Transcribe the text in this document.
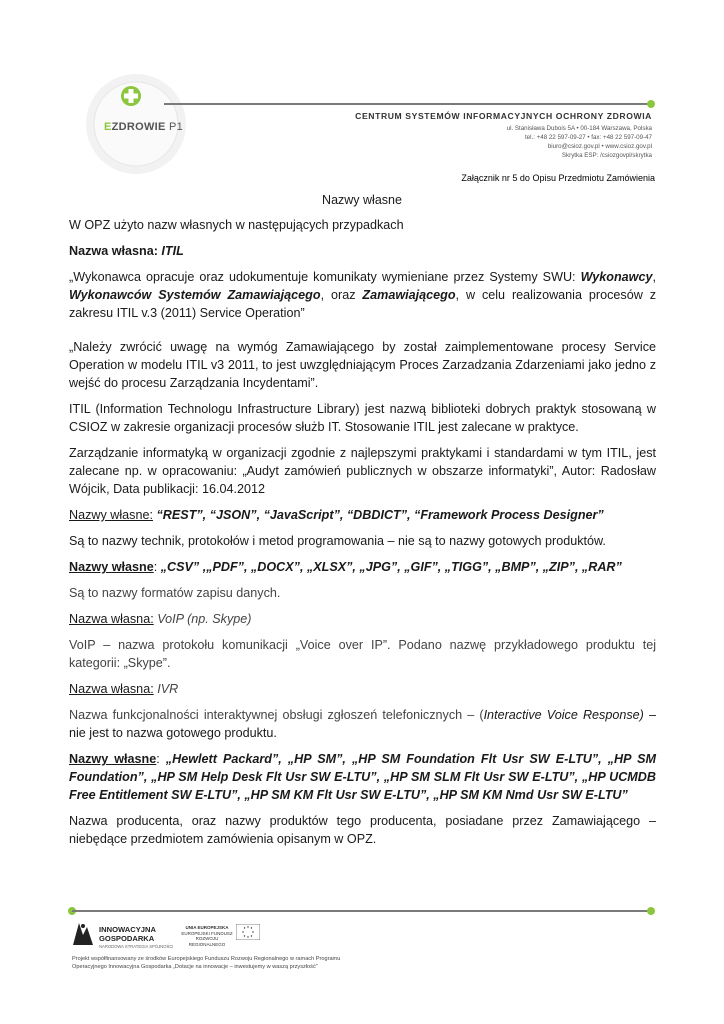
EZDROWIE P1
CENTRUM SYSTEMÓW INFORMACYJNYCH OCHRONY ZDROWIA
ul. Stanisława Dubois 5A • 00-184 Warszawa, Polska
tel.: +48 22 597-09-27 • fax: +48 22 597-09-47
biuro@csioz.gov.pl • www.csioz.gov.pl
Skrytka ESP: /csiozgovpl/skrytka
Załącznik nr 5 do Opisu Przedmiotu Zamówienia
Nazwy własne

W OPZ użyto nazw własnych w następujących przypadkach

Nazwa własna: ITIL

„Wykonawca opracuje oraz udokumentuje komunikaty wymieniane przez Systemy SWU: Wykonawcy, Wykonawców Systemów Zamawiającego, oraz Zamawiającego, w celu realizowania procesów z zakresu ITIL v.3 (2011) Service Operation”

„Należy zwrócić uwagę na wymóg Zamawiającego by został zaimplementowane procesy Service Operation w modelu ITIL v3 2011, to jest uwzględniającym Proces Zarzadzania Zdarzeniami jako jedno z wejść do procesu Zarządzania Incydentami”.

ITIL (Information Technologu Infrastructure Library) jest nazwą biblioteki dobrych praktyk stosowaną w CSIOZ w zakresie organizacji procesów służb IT. Stosowanie ITIL jest zalecane w praktyce.

Zarządzanie informatyką w organizacji zgodnie z najlepszymi praktykami i standardami w tym ITIL, jest zalecane np. w opracowaniu: „Audyt zamówień publicznych w obszarze informatyki”, Autor: Radosław Wójcik, Data publikacji: 16.04.2012

Nazwy własne: “REST”, “JSON”, “JavaScript”, “DBDICT”, “Framework Process Designer”

Są to nazwy technik, protokołów i metod programowania – nie są to nazwy gotowych produktów.

Nazwy własne: „CSV” ,„PDF”, „DOCX”, „XLSX”, „JPG”, „GIF”, „TIGG”, „BMP”, „ZIP”, „RAR”

Są to nazwy formatów zapisu danych.

Nazwa własna: VoIP (np. Skype)

VoIP – nazwa protokołu komunikacji „Voice over IP”. Podano nazwę przykładowego produktu tej kategorii: „Skype”.

Nazwa własna: IVR

Nazwa funkcjonalności interaktywnej obsługi zgłoszeń telefonicznych – (Interactive Voice Response) – nie jest to nazwa gotowego produktu.

Nazwy własne: „Hewlett Packard”, „HP SM”, „HP SM Foundation Flt Usr SW E-LTU”, „HP SM Foundation”, „HP SM Help Desk Flt Usr SW E-LTU”, „HP SM SLM Flt Usr SW E-LTU”, „HP UCMDB Free Entitlement SW E-LTU”, „HP SM KM Flt Usr SW E-LTU”, „HP SM KM Nmd Usr SW E-LTU”

Nazwa producenta, oraz nazwy produktów tego producenta, posiadane przez Zamawiającego – niebędące przedmiotem zamówienia opisanym w OPZ.

INNOWACYJNA
GOSPODARKA
NARODOWA STRATEGIA SPÓJNOŚCI
UNIA EUROPEJSKA
EUROPEJSKI FUNDUSZ
ROZWOJU REGIONALNEGO
Projekt współfinansowany ze środków Europejskiego Funduszu Rozwoju Regionalnego w ramach Programu
Operacyjnego Innowacyjna Gospodarka „Dotacje na innowacje – inwestujemy w waszą przyszłość”
